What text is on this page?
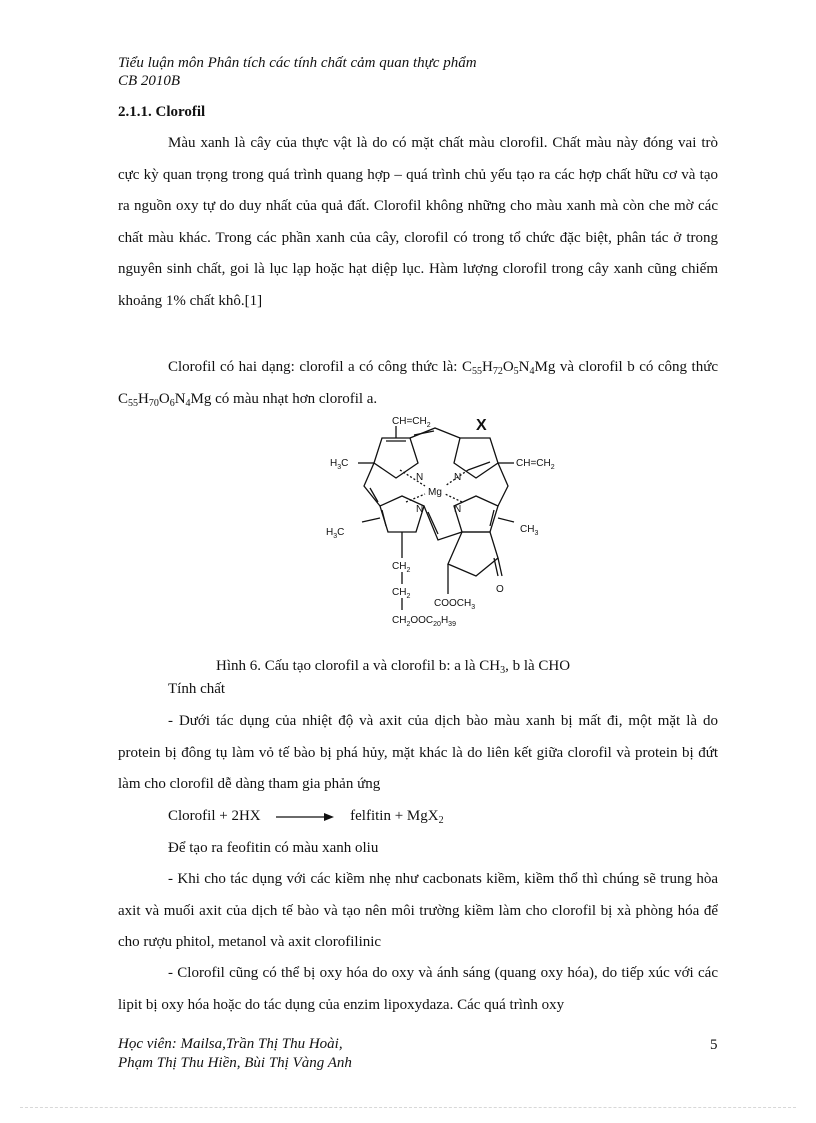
Tiểu luận môn Phân tích các tính chất cảm quan thực phẩm
CB 2010B
2.1.1. Clorofil

Màu xanh là cây của thực vật là do có mặt chất màu clorofil. Chất màu này đóng vai trò cực kỳ quan trọng trong quá trình quang hợp – quá trình chủ yếu tạo ra các hợp chất hữu cơ và tạo ra nguồn oxy tự do duy nhất của quả đất. Clorofil không những cho màu xanh mà còn che mờ các chất màu khác. Trong các phần xanh của cây, clorofil có trong tổ chức đặc biệt, phân tác ở trong nguyên sinh chất, goi là lục lạp hoặc hạt diệp lục. Hàm lượng clorofil trong cây xanh cũng chiếm khoảng 1% chất khô.[1]

Clorofil có hai dạng: clorofil a có công thức là: $C_{55}H_{72}O_5N_4Mg$ và clorofil b có công thức $C_{55}H_{70}O_6N_4Mg$ có màu nhạt hơn clorofil a.

$CH=CH_2$	X
$H_3C$	$CH=CH_2$
N	N
Mg
N	N
$H_3C$	$CH_3$
O
$CH_2$
$CH_2$
$COOCH_3$
$CH_2OOC_{20}H_{39}$
Hình 6. Cấu tạo clorofil a và clorofil b: a là $CH_3$, b là CHO
Tính chất

- Dưới tác dụng của nhiệt độ và axit của dịch bào màu xanh bị mất đi, một mặt là do protein bị đông tụ làm vỏ tế bào bị phá hủy, mặt khác là do liên kết giữa clorofil và protein bị đứt làm cho clorofil dễ dàng tham gia phản ứng

Clorofil + 2HX	felfitin + MgX$_2$
Để tạo ra feofitin có màu xanh oliu

- Khi cho tác dụng với các kiềm nhẹ như cacbonats kiềm, kiềm thổ thì chúng sẽ trung hòa axit và muối axit của dịch tế bào và tạo nên môi trường kiềm làm cho clorofil bị xà phòng hóa để cho rượu phitol, metanol và axit clorofilinic

- Clorofil cũng có thể bị oxy hóa do oxy và ánh sáng (quang oxy hóa), do tiếp xúc với các lipit bị oxy hóa hoặc do tác dụng của enzim lipoxydaza. Các quá trình oxy

Học viên: Mailsa,Trần Thị Thu Hoài,
Phạm Thị Thu Hiền, Bùi Thị Vàng Anh
5
